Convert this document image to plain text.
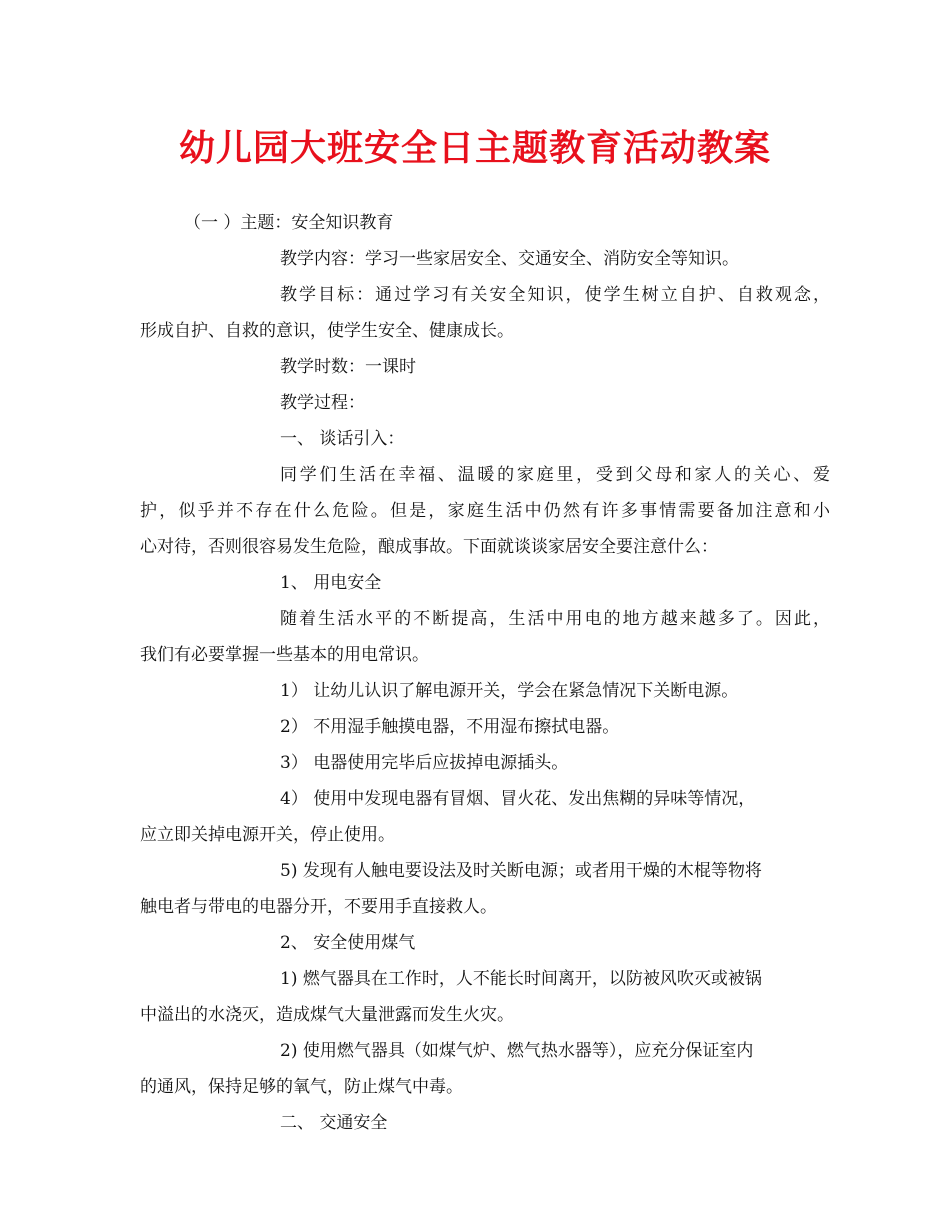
幼儿园大班安全日主题教育活动教案
（一 ）主题：安全知识教育
教学内容：学习一些家居安全、交通安全、消防安全等知识。
教学目标：通过学习有关安全知识，使学生树立自护、自救观念，
形成自护、自救的意识，使学生安全、健康成长。
教学时数：一课时
教学过程：
一、 谈话引入：
同学们生活在幸福、温暖的家庭里，受到父母和家人的关心、爱
护，似乎并不存在什么危险。但是，家庭生活中仍然有许多事情需要备加注意和小
心对待，否则很容易发生危险，酿成事故。下面就谈谈家居安全要注意什么：
1、 用电安全
随着生活水平的不断提高，生活中用电的地方越来越多了。因此，
我们有必要掌握一些基本的用电常识。
1） 让幼儿认识了解电源开关，学会在紧急情况下关断电源。
2） 不用湿手触摸电器，不用湿布擦拭电器。
3） 电器使用完毕后应拔掉电源插头。
4） 使用中发现电器有冒烟、冒火花、发出焦糊的异味等情况，
应立即关掉电源开关，停止使用。
5) 发现有人触电要设法及时关断电源；或者用干燥的木棍等物将
触电者与带电的电器分开，不要用手直接救人。
2、 安全使用煤气
1) 燃气器具在工作时，人不能长时间离开，以防被风吹灭或被锅
中溢出的水浇灭，造成煤气大量泄露而发生火灾。
2) 使用燃气器具（如煤气炉、燃气热水器等），应充分保证室内
的通风，保持足够的氧气，防止煤气中毒。
二、 交通安全
